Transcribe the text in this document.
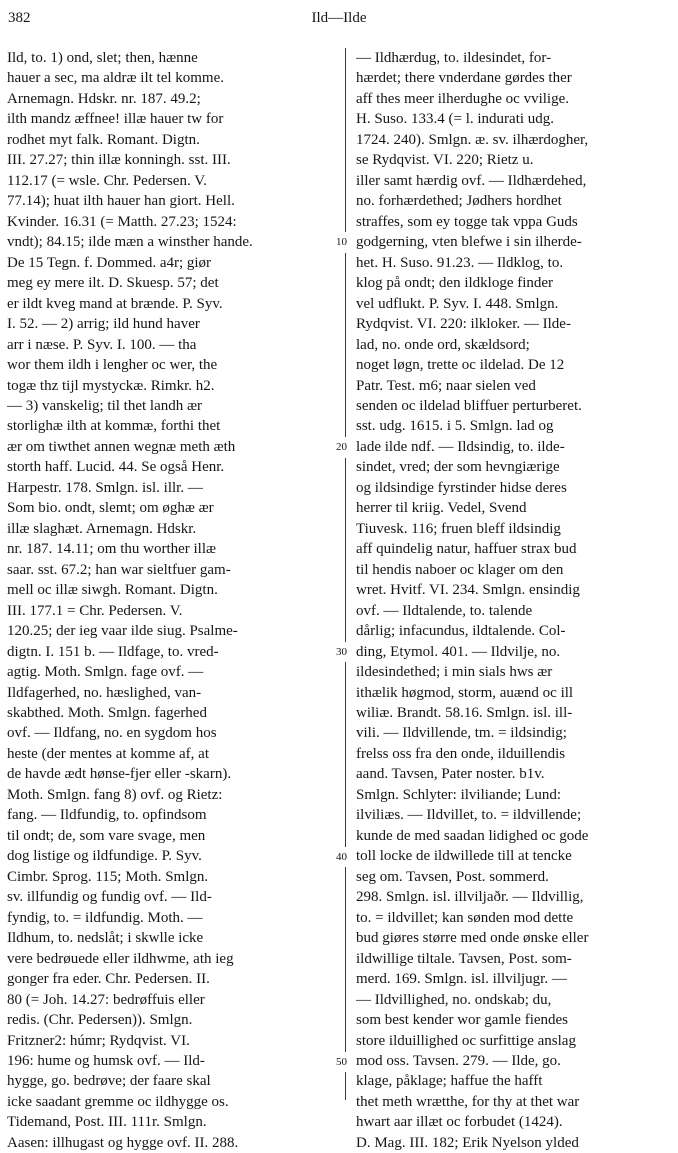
382	Ild—Ilde
Ild, to. 1) ond, slet; then, hænne
hauer a sec, ma aldræ ilt tel komme.
Arnemagn. Hdskr. nr. 187. 49.2;
ilth mandz æffnee! illæ hauer tw for
rodhet myt falk. Romant. Digtn.
III. 27.27; thin illæ konningh. sst. III.
112.17 (= wsle. Chr. Pedersen. V.
77.14); huat ilth hauer han giort. Hell.
Kvinder. 16.31 (= Matth. 27.23; 1524:
vndt); 84.15; ilde mæn a winsther hande.
De 15 Tegn. f. Dommed. a4r; giør
meg ey mere ilt. D. Skuesp. 57; det
er ildt kveg mand at brænde. P. Syv.
I. 52. — 2) arrig; ild hund haver
arr i næse. P. Syv. I. 100. — tha
wor them ildh i lengher oc wer, the
togæ thz tijl mystyckæ. Rimkr. h2.
— 3) vanskelig; til thet landh ær
storlighæ ilth at kommæ, forthi thet
ær om tiwthet annen wegnæ meth æth
storth haff. Lucid. 44. Se også Henr.
Harpestr. 178. Smlgn. isl. illr. —
Som bio. ondt, slemt; om øghæ ær
illæ slaghæt. Arnemagn. Hdskr.
nr. 187. 14.11; om thu worther illæ
saar. sst. 67.2; han war sieltfuer gam-
mell oc illæ siwgh. Romant. Digtn.
III. 177.1 = Chr. Pedersen. V.
120.25; der ieg vaar ilde siug. Psalme-
digtn. I. 151 b. — Ildfage, to. vred-
agtig. Moth. Smlgn. fage ovf. —
Ildfagerhed, no. hæslighed, van-
skabthed. Moth. Smlgn. fagerhed
ovf. — Ildfang, no. en sygdom hos
heste (der mentes at komme af, at
de havde ædt hønse-fjer eller -skarn).
Moth. Smlgn. fang 8) ovf. og Rietz:
fang. — Ildfundig, to. opfindsom
til ondt; de, som vare svage, men
dog listige og ildfundige. P. Syv.
Cimbr. Sprog. 115; Moth. Smlgn.
sv. illfundig og fundig ovf. — Ild-
fyndig, to. = ildfundig. Moth. —
Ildhum, to. nedslåt; i skwlle icke
vere bedrøuede eller ildhwme, ath ieg
gonger fra eder. Chr. Pedersen. II.
80 (= Joh. 14.27: bedrøffuis eller
redis. (Chr. Pedersen)). Smlgn.
Fritzner2: húmr; Rydqvist. VI.
196: hume og humsk ovf. — Ild-
hygge, go. bedrøve; der faare skal
icke saadant gremme oc ildhygge os.
Tidemand, Post. III. 111r. Smlgn.
Aasen: illhugast og hygge ovf. II. 288.
10
20
30
40
50
— Ildhærdug, to. ildesindet, for-
hærdet; there vnderdane gørdes ther
aff thes meer ilherdughe oc vvilige.
H. Suso. 133.4 (= l. indurati udg.
1724. 240). Smlgn. æ. sv. ilhærdogher,
se Rydqvist. VI. 220; Rietz u.
iller samt hærdig ovf. — Ildhærdehed,
no. forhærdethed; Jødhers hordhet
straffes, som ey togge tak vppa Guds
godgerning, vten blefwe i sin ilherde-
het. H. Suso. 91.23. — Ildklog, to.
klog på ondt; den ildkloge finder
vel udflukt. P. Syv. I. 448. Smlgn.
Rydqvist. VI. 220: ilkloker. — Ilde-
lad, no. onde ord, skældsord;
noget løgn, trette oc ildelad. De 12
Patr. Test. m6; naar sielen ved
senden oc ildelad bliffuer perturberet.
sst. udg. 1615. i 5. Smlgn. lad og
lade ilde ndf. — Ildsindig, to. ilde-
sindet, vred; der som hevngiærige
og ildsindige fyrstinder hidse deres
herrer til kriig. Vedel, Svend
Tiuvesk. 116; fruen bleff ildsindig
aff quindelig natur, haffuer strax bud
til hendis naboer oc klager om den
wret. Hvitf. VI. 234. Smlgn. ensindig
ovf. — Ildtalende, to. talende
dårlig; infacundus, ildtalende. Col-
ding, Etymol. 401. — Ildvilje, no.
ildesindethed; i min sials hws ær
ithælik høgmod, storm, auænd oc ill
wiliæ. Brandt. 58.16. Smlgn. isl. ill-
vili. — Ildvillende, tm. = ildsindig;
frelss oss fra den onde, ilduillendis
aand. Tavsen, Pater noster. b1v.
Smlgn. Schlyter: ilviliande; Lund:
ilviliæs. — Ildvillet, to. = ildvillende;
kunde de med saadan lidighed oc gode
toll locke de ildwillede till at tencke
seg om. Tavsen, Post. sommerd.
298. Smlgn. isl. illviljaðr. — Ildvillig,
to. = ildvillet; kan sønden mod dette
bud giøres større med onde ønske eller
ildwillige tiltale. Tavsen, Post. som-
merd. 169. Smlgn. isl. illviljugr. —
— Ildvillighed, no. ondskab; du,
som best kender wor gamle fiendes
store ilduillighed oc surfittige anslag
mod oss. Tavsen. 279. — Ilde, go.
klage, påklage; haffue the hafft
thet meth wrætthe, for thy at thet war
hwart aar illæt oc forbudet (1424).
D. Mag. III. 182; Erik Nyelson ylded
